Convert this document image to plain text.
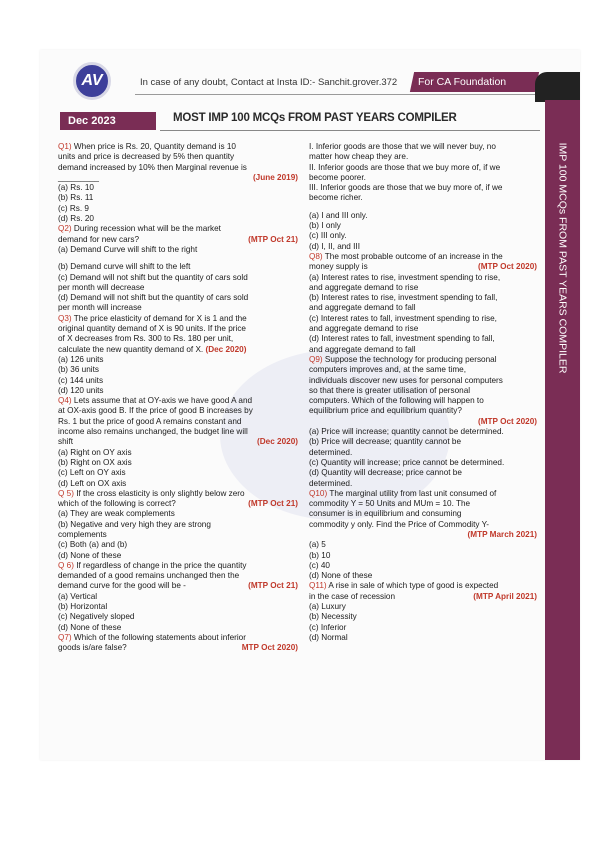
AV	In case of any doubt, Contact at Insta ID:- Sanchit.grover.372	For CA Foundation
Dec 2023	MOST IMP 100 MCQs FROM PAST YEARS COMPILER
IMP 100 MCQs FROM PAST YEARS COMPILER

Q1) When price is Rs. 20, Quantity demand is 10

units and price is decreased by 5% then quantity

demand increased by 10% then Marginal revenue is

_________	(June 2019)

(a) Rs. 10

(b) Rs. 11

(c) Rs. 9

(d) Rs. 20

Q2) During recession what will be the market

demand for new cars?	(MTP Oct 21)

(a) Demand Curve will shift to the right

(b) Demand curve will shift to the left

(c) Demand will not shift but the quantity of cars sold

per month will decrease

(d) Demand will not shift but the quantity of cars sold

per month will increase

Q3) The price elasticity of demand for X is 1 and the

original quantity demand of X is 90 units. If the price

of X decreases from Rs. 300 to Rs. 180 per unit,

calculate the new quantity demand of X. (Dec 2020)

(a) 126 units

(b) 36 units

(c) 144 units

(d) 120 units

Q4) Lets assume that at OY-axis we have good A and

at OX-axis good B. If the price of good B increases by

Rs. 1 but the price of good A remains constant and

income also remains unchanged, the budget line will

shift	(Dec 2020)

(a) Right on OY axis

(b) Right on OX axis

(c) Left on OY axis

(d) Left on OX axis

Q 5) If the cross elasticity is only slightly below zero

which of the following is correct?	(MTP Oct 21)

(a) They are weak complements

(b) Negative and very high they are strong

complements

(c) Both (a) and (b)

(d) None of these

Q 6) If regardless of change in the price the quantity

demanded of a good remains unchanged then the

demand curve for the good will be -	(MTP Oct 21)

(a) Vertical

(b) Horizontal

(c) Negatively sloped

(d) None of these

Q7) Which of the following statements about inferior

goods is/are false?	MTP Oct 2020)

I. Inferior goods are those that we will never buy, no

matter how cheap they are.

II. Inferior goods are those that we buy more of, if we

become poorer.

III. Inferior goods are those that we buy more of, if we

become richer.

(a) I and III only.

(b) I only

(c) III only.

(d) I, II, and III

Q8) The most probable outcome of an increase in the

money supply is	(MTP Oct 2020)

(a) Interest rates to rise, investment spending to rise,

and aggregate demand to rise

(b) Interest rates to rise, investment spending to fall,

and aggregate demand to fall

(c) Interest rates to fall, investment spending to rise,

and aggregate demand to rise

(d) Interest rates to fall, investment spending to fall,

and aggregate demand to fall

Q9) Suppose the technology for producing personal

computers improves and, at the same time,

individuals discover new uses for personal computers

so that there is greater utilisation of personal

computers. Which of the following will happen to

equilibrium price and equilibrium quantity?

(MTP Oct 2020)

(a) Price will increase; quantity cannot be determined.

(b) Price will decrease; quantity cannot be

determined.

(c) Quantity will increase; price cannot be determined.

(d) Quantity will decrease; price cannot be

determined.

Q10) The marginal utility from last unit consumed of

commodity Y = 50 Units and MUm = 10. The

consumer is in equilibrium and consuming

commodity y only. Find the Price of Commodity Y-

(MTP March 2021)

(a) 5

(b) 10

(c) 40

(d) None of these

Q11) A rise in sale of which type of good is expected

in the case of recession	(MTP April 2021)

(a) Luxury

(b) Necessity

(c) Inferior

(d) Normal
